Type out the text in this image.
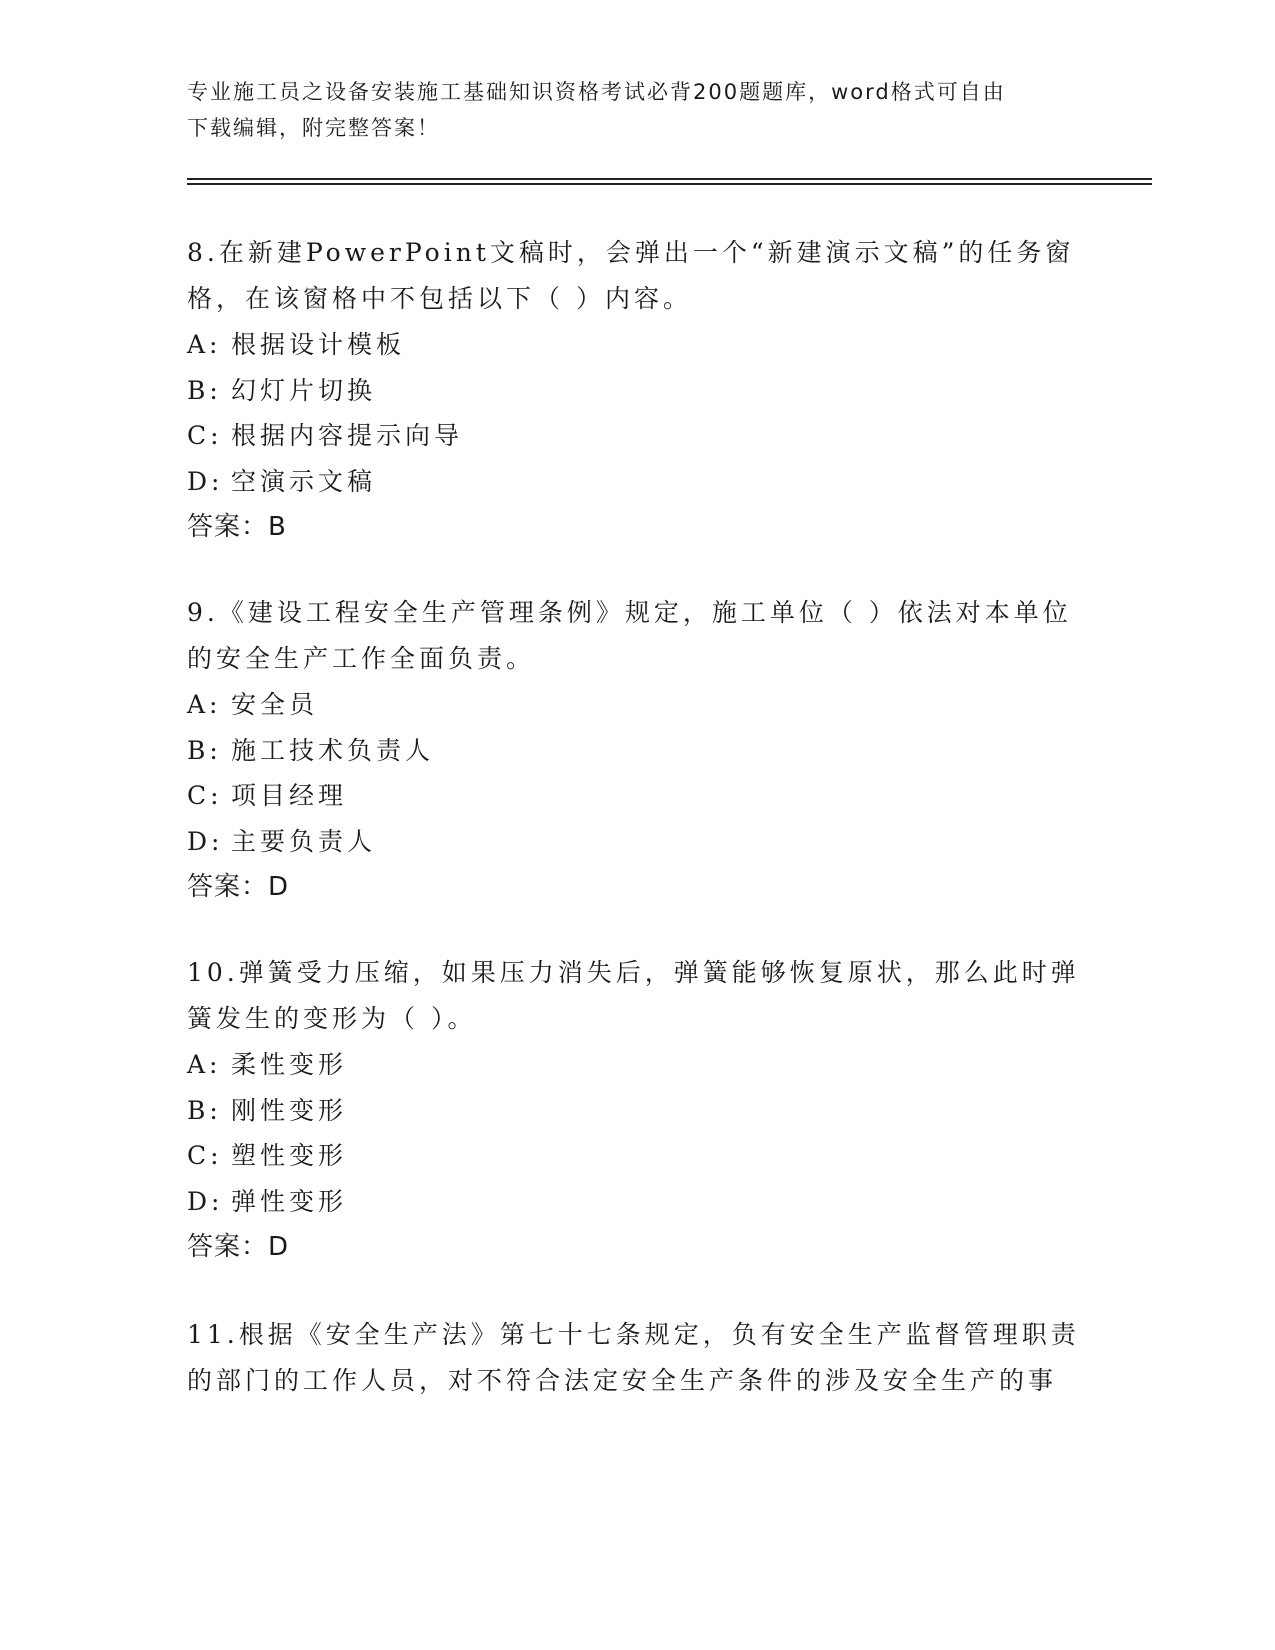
专业施工员之设备安装施工基础知识资格考试必背200题题库，word格式可自由
下载编辑，附完整答案！

8.在新建PowerPoint文稿时，会弹出一个“新建演示文稿”的任务窗

格，在该窗格中不包括以下（ ）内容。

A: 根据设计模板

B: 幻灯片切换

C: 根据内容提示向导

D: 空演示文稿

答案：B

9.《建设工程安全生产管理条例》规定，施工单位（ ）依法对本单位

的安全生产工作全面负责。

A: 安全员

B: 施工技术负责人

C: 项目经理

D: 主要负责人

答案：D

10.弹簧受力压缩，如果压力消失后，弹簧能够恢复原状，那么此时弹

簧发生的变形为（ ）。

A: 柔性变形

B: 刚性变形

C: 塑性变形

D: 弹性变形

答案：D

11.根据《安全生产法》第七十七条规定，负有安全生产监督管理职责

的部门的工作人员，对不符合法定安全生产条件的涉及安全生产的事
